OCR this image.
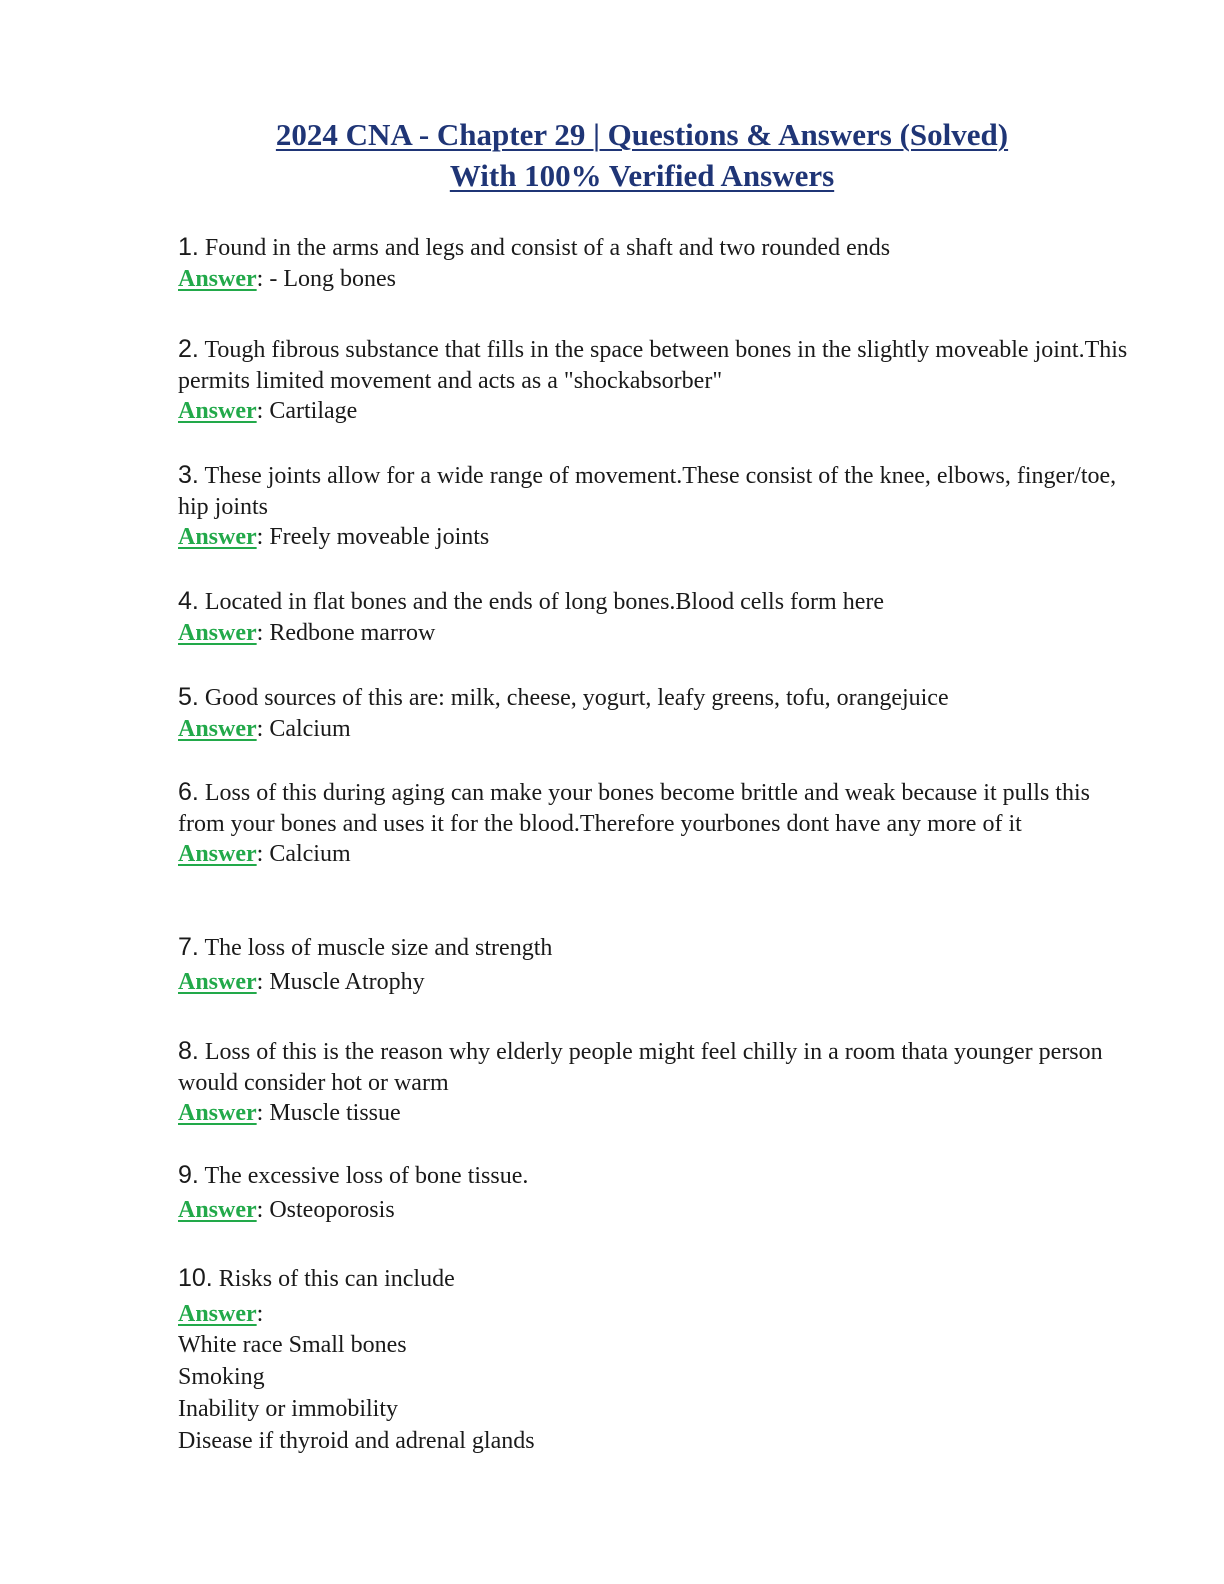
2024 CNA - Chapter 29 | Questions & Answers (Solved)
With 100% Verified Answers

1. Found in the arms and legs and consist of a shaft and two rounded ends

Answer: - Long bones

2. Tough fibrous substance that fills in the space between bones in the slightly moveable joint.This permits limited movement and acts as a "shockabsorber"

Answer: Cartilage

3. These joints allow for a wide range of movement.These consist of the knee, elbows, finger/toe, hip joints

Answer: Freely moveable joints

4. Located in flat bones and the ends of long bones.Blood cells form here

Answer: Redbone marrow

5. Good sources of this are: milk, cheese, yogurt, leafy greens, tofu, orangejuice

Answer: Calcium

6. Loss of this during aging can make your bones become brittle and weak because it pulls this from your bones and uses it for the blood.Therefore yourbones dont have any more of it

Answer: Calcium

7. The loss of muscle size and strength

Answer: Muscle Atrophy

8. Loss of this is the reason why elderly people might feel chilly in a room thata younger person would consider hot or warm

Answer: Muscle tissue

9. The excessive loss of bone tissue.

Answer: Osteoporosis

10. Risks of this can include

Answer:

White race Small bones
Smoking
Inability or immobility
Disease if thyroid and adrenal glands
